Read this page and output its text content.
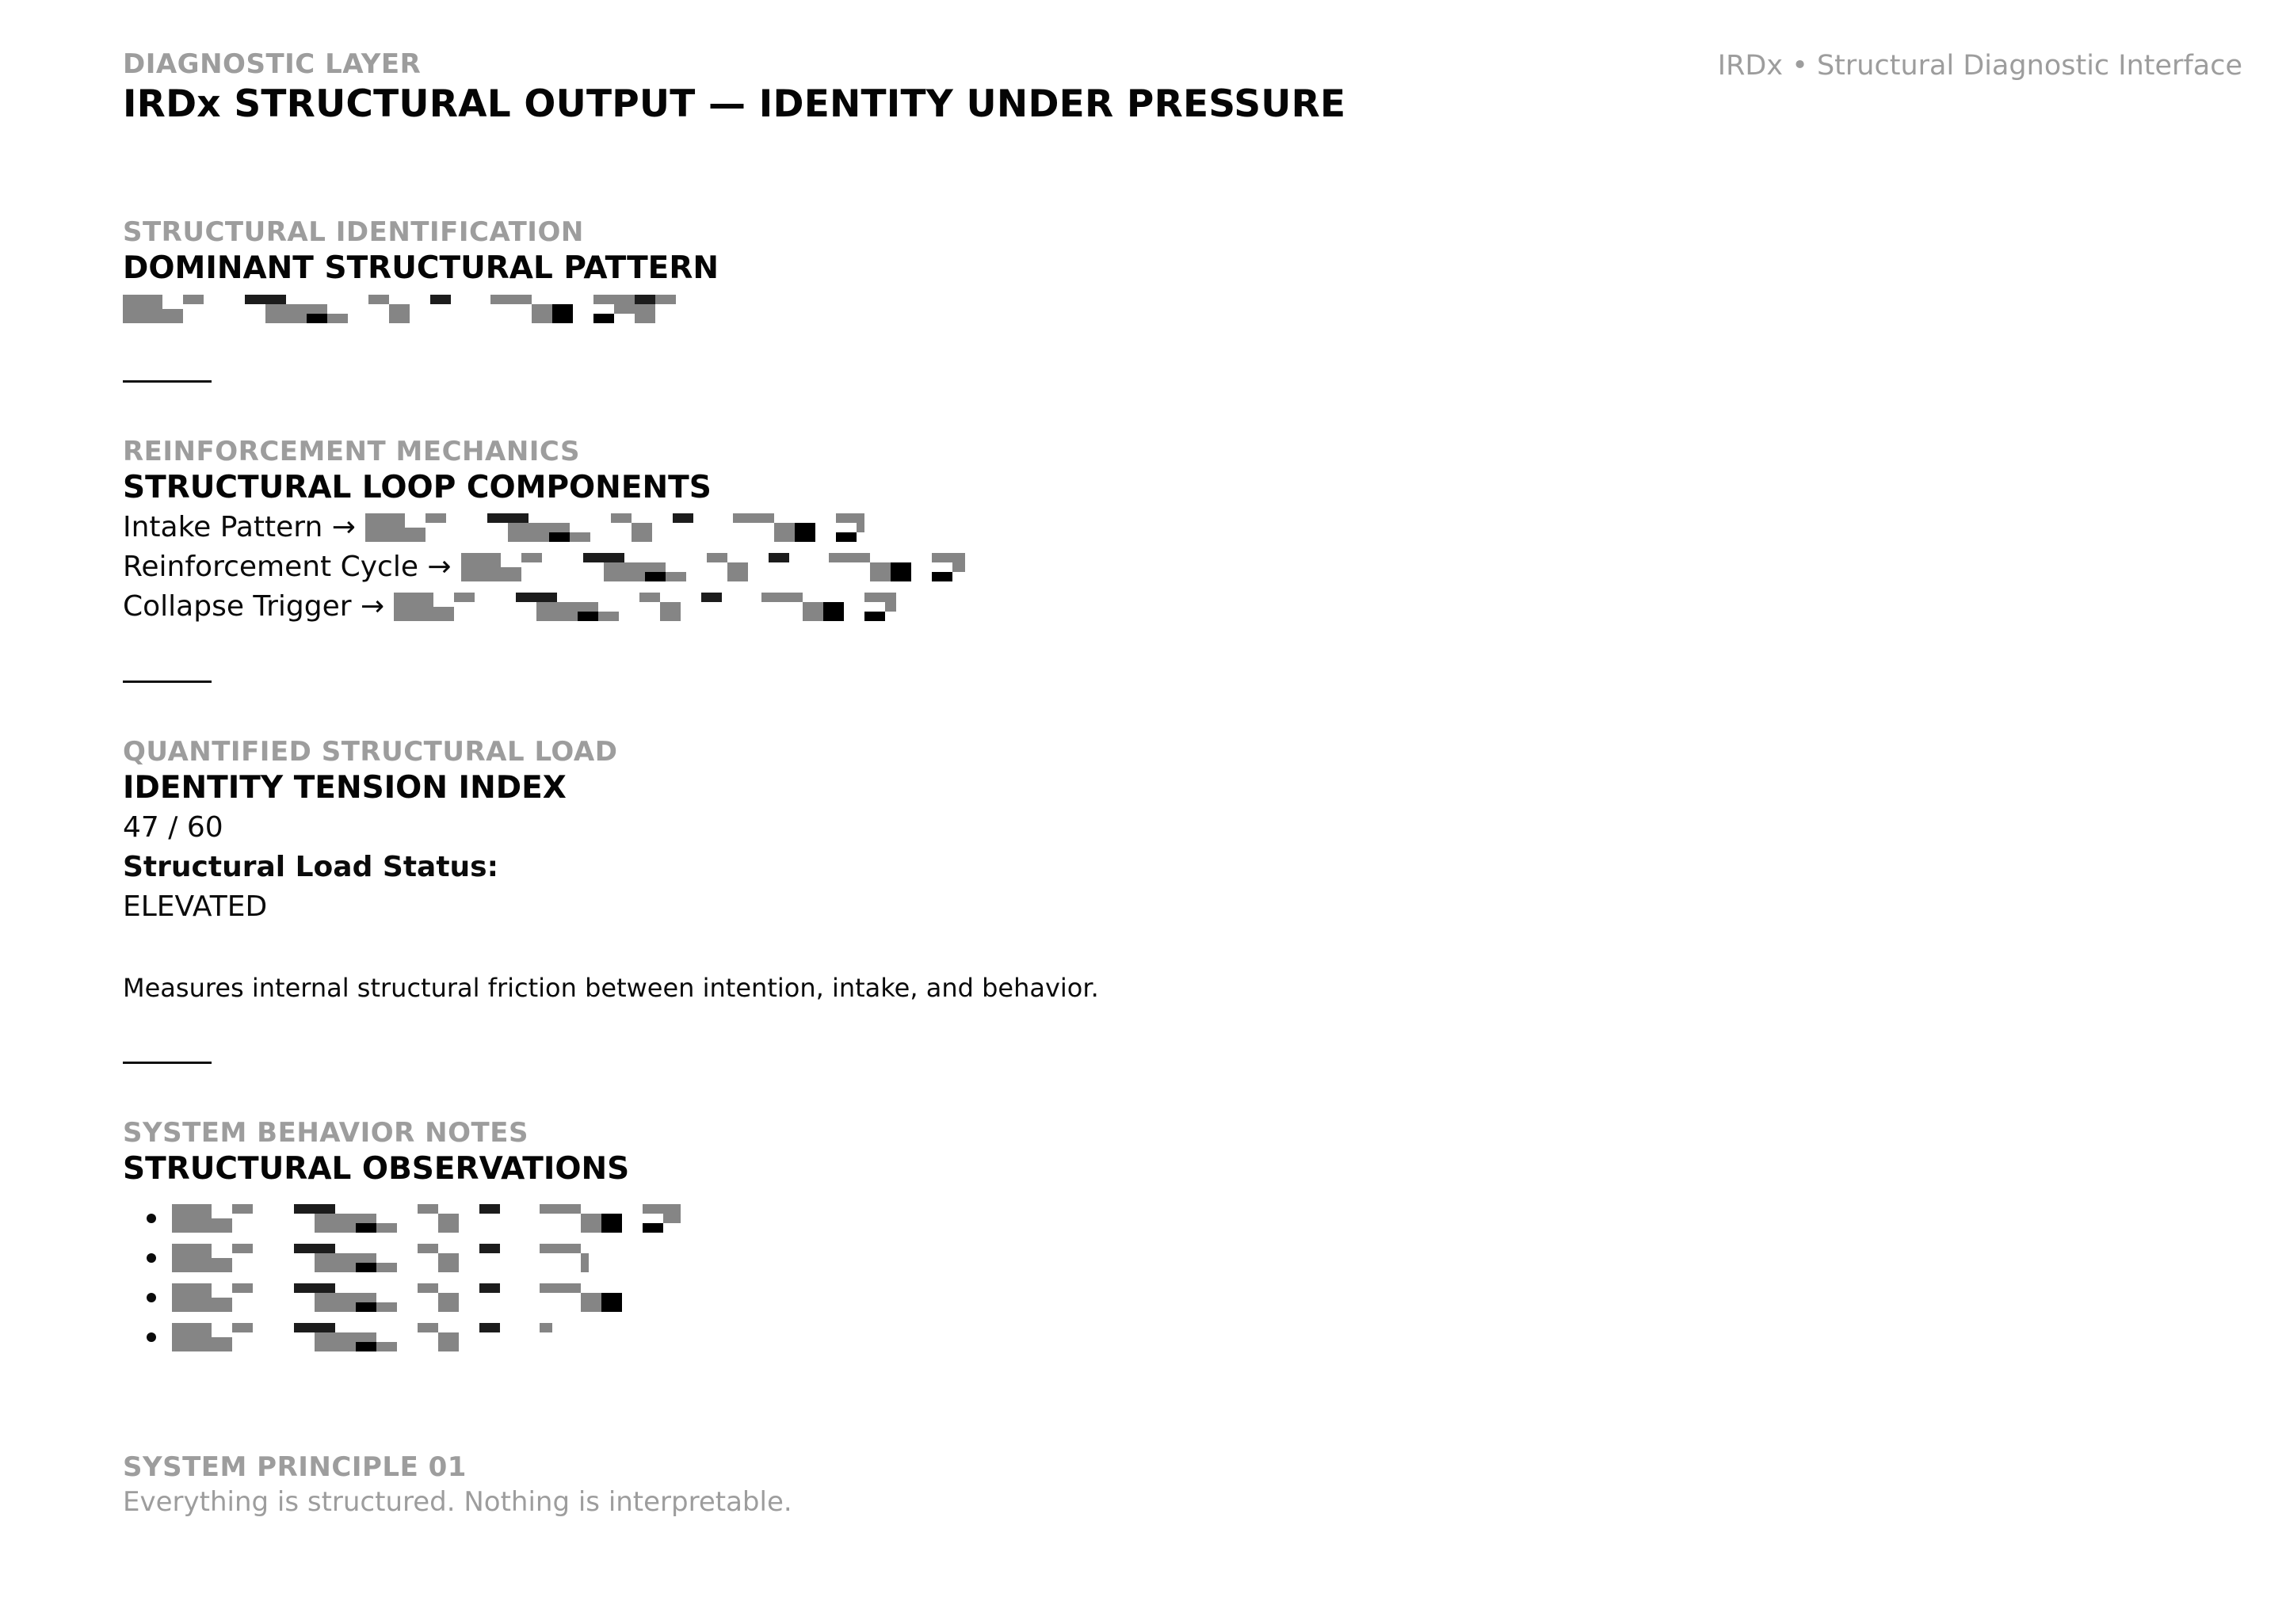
IRDx • Structural Diagnostic Interface

DIAGNOSTIC LAYER

IRDx STRUCTURAL OUTPUT — IDENTITY UNDER PRESSURE

STRUCTURAL IDENTIFICATION

DOMINANT STRUCTURAL PATTERN

REINFORCEMENT MECHANICS

STRUCTURAL LOOP COMPONENTS

Intake Pattern →
Reinforcement Cycle →
Collapse Trigger →

QUANTIFIED STRUCTURAL LOAD

IDENTITY TENSION INDEX

47 / 60

Structural Load Status:

ELEVATED

Measures internal structural friction between intention, intake, and behavior.

SYSTEM BEHAVIOR NOTES

STRUCTURAL OBSERVATIONS

SYSTEM PRINCIPLE 01

Everything is structured. Nothing is interpretable.
